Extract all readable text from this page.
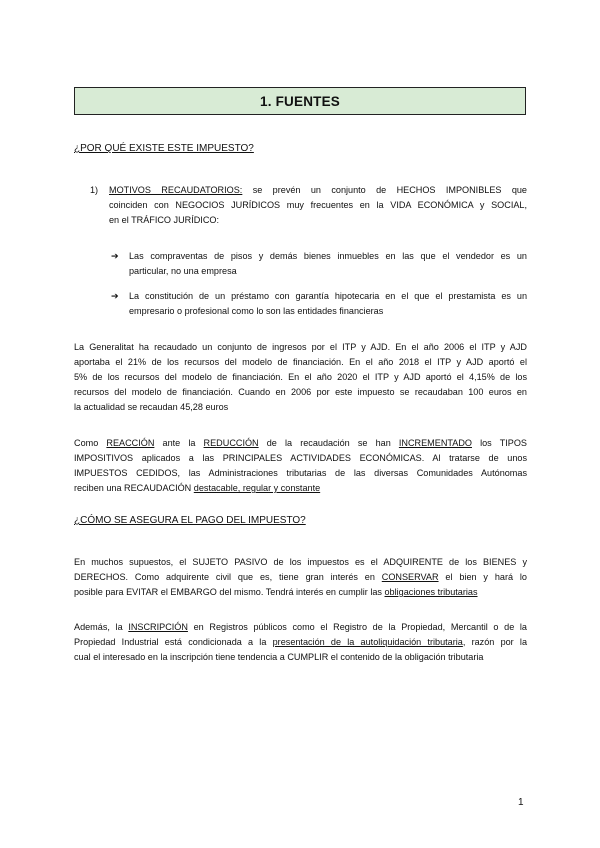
1. FUENTES
¿POR QUÉ EXISTE ESTE IMPUESTO?
1) MOTIVOS RECAUDATORIOS: se prevén un conjunto de HECHOS IMPONIBLES que
coinciden con NEGOCIOS JURÍDICOS muy frecuentes en la VIDA ECONÓMICA y SOCIAL,
en el TRÁFICO JURÍDICO:
➔ Las compraventas de pisos y demás bienes inmuebles en las que el vendedor es un
particular, no una empresa
➔ La constitución de un préstamo con garantía hipotecaria en el que el prestamista es un
empresario o profesional como lo son las entidades financieras
La Generalitat ha recaudado un conjunto de ingresos por el ITP y AJD. En el año 2006 el ITP y AJD
aportaba el 21% de los recursos del modelo de financiación. En el año 2018 el ITP y AJD aportó el
5% de los recursos del modelo de financiación. En el año 2020 el ITP y AJD aportó el 4,15% de los
recursos del modelo de financiación. Cuando en 2006 por este impuesto se recaudaban 100 euros en
la actualidad se recaudan 45,28 euros
Como REACCIÓN ante la REDUCCIÓN de la recaudación se han INCREMENTADO los TIPOS
IMPOSITIVOS aplicados a las PRINCIPALES ACTIVIDADES ECONÓMICAS. Al tratarse de unos
IMPUESTOS CEDIDOS, las Administraciones tributarias de las diversas Comunidades Autónomas
reciben una RECAUDACIÓN destacable, regular y constante
¿CÓMO SE ASEGURA EL PAGO DEL IMPUESTO?
En muchos supuestos, el SUJETO PASIVO de los impuestos es el ADQUIRENTE de los BIENES y
DERECHOS. Como adquirente civil que es, tiene gran interés en CONSERVAR el bien y hará lo
posible para EVITAR el EMBARGO del mismo. Tendrá interés en cumplir las obligaciones tributarias
Además, la INSCRIPCIÓN en Registros públicos como el Registro de la Propiedad, Mercantil o de la
Propiedad Industrial está condicionada a la presentación de la autoliquidación tributaria, razón por la
cual el interesado en la inscripción tiene tendencia a CUMPLIR el contenido de la obligación tributaria
1
